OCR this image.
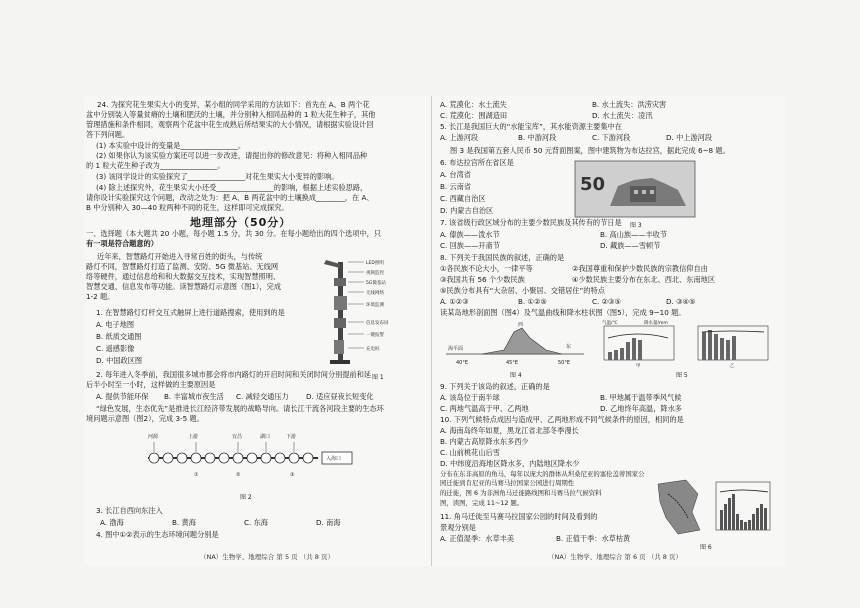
24. 为探究花生果实大小的变异，某小组的同学采用的方法如下：首先在 A、B 两个花
盆中分别装入等量贫瘠的土壤和肥沃的土壤，并分别种入相同品种的 1 粒大花生种子，其他
管理措施和条件相同，观察两个花盆中花生成熟后所结果实的大小情况，请根据实验设计回
答下列问题。
(1) 本实验中设计的变量是________________。
(2) 如果你认为该实验方案还可以进一步改进，请提出你的修改意见：将种入相同品种
的 1 粒大花生种子改为________________。
(3) 该同学设计的实验探究了________________对花生果实大小变异的影响。
(4) 除上述探究外，花生果实大小还受________________的影响，根据上述实验思路，
请你设计实验探究这个问题，改动之处为：把 A、B 两花盆中的土壤换成________，在 A、
B 中分别种入 30—40 粒两种不同的花生，这样即可完成探究。
地理部分（50分）
一、选择题（本大题共 20 小题，每小题 1.5 分，共 30 分。在每小题给出的四个选项中，只
有一项是符合题意的）
近年来，智慧路灯开始进入寻常百姓的街头，与传统
路灯不同，智慧路灯打造了监测、安防、5G 微基站、无线网
络等硬件，通过信息给和和大数据交互技术，实现智慧照明、
智慧交通、信息发布等功能。读智慧路灯示意图（图1），完成
1-2 题。
LED照明
视频监控
5G微基站
无线网络
环境监测
信息发布屏
一键报警
充电桩
图 1
1. 在智慧路灯灯杆交互式触屏上进行道路搜索，使用到的是
A. 电子地图
B. 纸质交通图
C. 遥感影像
D. 中国政区图
2. 每年进入冬季前，我国很多城市都会将市内路灯的开启时间和关闭时间分别提前和延
后半小时至一小时，这样做的主要原因是
A. 提供节能环保 B. 丰富城市夜生活 C. 减轻交通压力 D. 适应昼夜长短变化
“绿色发展，生态优先”是推进长江经济带发展的战略导向。请长江干流各河段主要的生态环
境问题示意图（图2），完成 3-5 题。
河源	上游	宜昌	湖口	下游
入海口
①	②	③
图 2
3. 长江自西向东注入
A. 渤海	B. 黄海	C. 东海	D. 南海
4. 图中①②表示的生态环境问题分别是
（NA）生物学、地理综合 第 5 页 （共 8 页）
A. 荒漠化：水土流失	B. 水土流失：洪涝灾害
C. 荒漠化：围湖造田	D. 水土流失：凌汛
5. 长江是我国巨大的“水能宝库”，其水能资源主要集中在
A. 上游河段	B. 中游河段	C. 下游河段	D. 中上游河段
图 3 是我国第五套人民币 50 元背面图案，图中建筑物为布达拉宫，据此完成 6~8 题。
6. 布达拉宫所在省区是
A. 台湾省
B. 云南省
C. 西藏自治区
D. 内蒙古自治区
50
图 3
7. 该省级行政区域分布的主要少数民族及其传有的节日是
A. 傣族——泼水节	B. 高山族——丰收节
C. 回族——开斋节	D. 藏族——雪顿节
8. 下列关于我国民族的叙述，正确的是
①各民族不论大小，一律平等	②我国尊重和保护少数民族的宗教信仰自由
③我国共有 56 个少数民族	④少数民族主要分布在东北、西北、东南地区
⑤民族分布具有“大杂居、小聚居、交错居住”的特点
A. ①②③	B. ①②⑤	C. ②③⑤	D. ③④⑤
读某岛地形剖面图（图4）及气温曲线和降水柱状图（图5），完成 9~10 题。
西
东
海平面
40°E	45°E	50°E
图 4
气温/℃	降水量/mm
甲	乙
图 5
9. 下列关于该岛的叙述，正确的是
A. 该岛位于南半球	B. 甲地属于温带季风气候
C. 两地气温高于甲、乙两地	D. 乙地终年高温，降水多
10. 下列气候特点成因与造成甲、乙两地形成不同气候条件的原因，相同的是
A. 海南岛终年如夏，黑龙江省北部冬季漫长
B. 内蒙古高原降水东多西少
C. 山前桃花山后雪
D. 中纬度沿海地区降水多，内陆地区降水少
分布在东非高原的角马，每年以庞大的群体从坦桑尼亚的塞伦盖蒂国家公园迁徙到肯尼亚的马赛马拉国家公园进行周期性
的迁徙，图 6 为非洲角马迁徙路线图和马赛马拉气候资料
图，读图，完成 11~12 题。
图 6
11. 角马迁徙至马赛马拉国家公园的时间及看到的
景观分别是
A. 正值湿季：水草丰美	B. 正值干季：水草枯黄
（NA）生物学、地理综合 第 6 页 （共 8 页）
